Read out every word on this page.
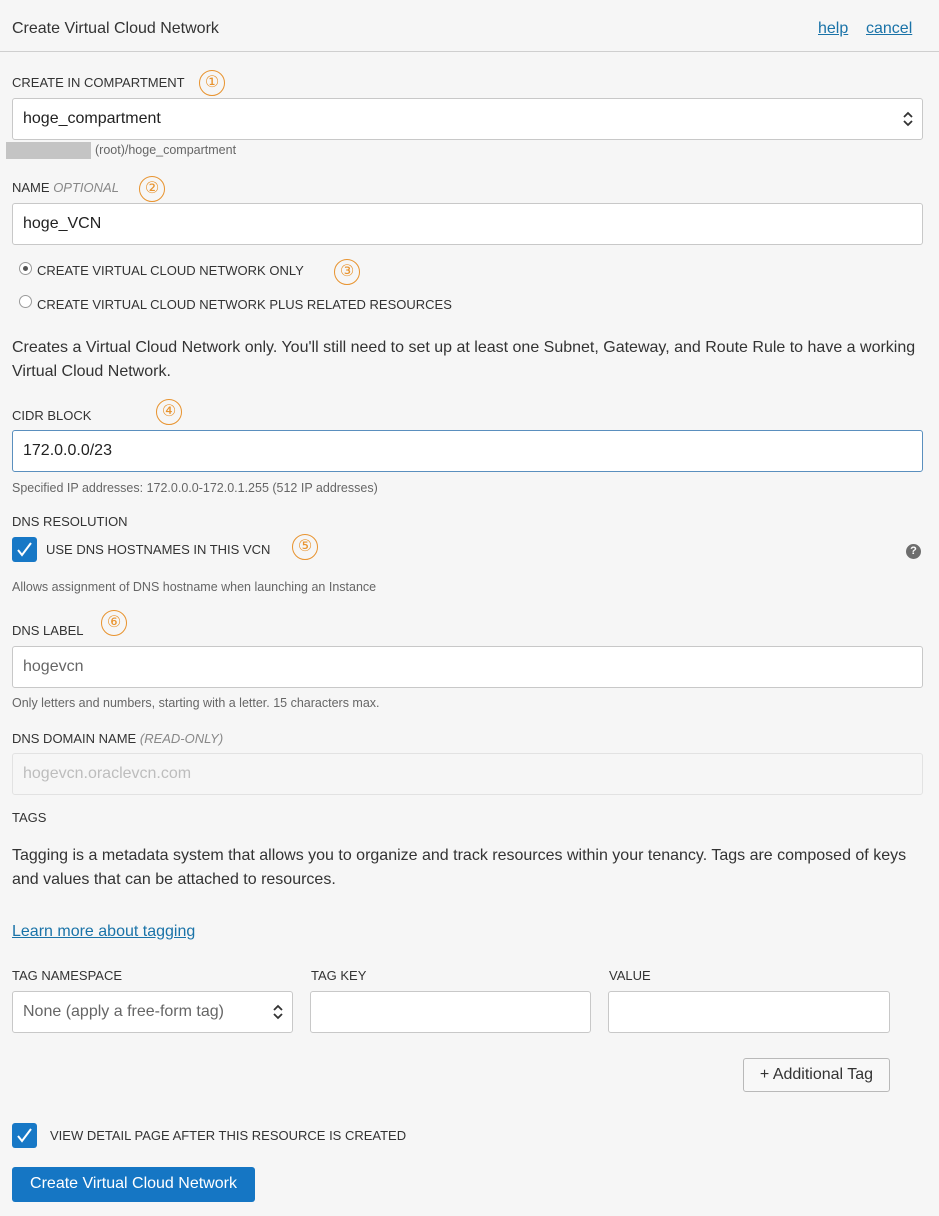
Create Virtual Cloud Network	help cancel
CREATE IN COMPARTMENT	①
hoge_compartment
(root)/hoge_compartment
NAME OPTIONAL	②
hoge_VCN
CREATE VIRTUAL CLOUD NETWORK ONLY	③
CREATE VIRTUAL CLOUD NETWORK PLUS RELATED RESOURCES
Creates a Virtual Cloud Network only. You'll still need to set up at least one Subnet, Gateway, and Route Rule to have a working Virtual Cloud Network.
CIDR BLOCK	④
172.0.0.0/23
Specified IP addresses: 172.0.0.0-172.0.1.255 (512 IP addresses)
DNS RESOLUTION
USE DNS HOSTNAMES IN THIS VCN	⑤	?
Allows assignment of DNS hostname when launching an Instance
DNS LABEL	⑥
hogevcn
Only letters and numbers, starting with a letter. 15 characters max.
DNS DOMAIN NAME (READ-ONLY)
hogevcn.oraclevcn.com
TAGS
Tagging is a metadata system that allows you to organize and track resources within your tenancy. Tags are composed of keys and values that can be attached to resources.
Learn more about tagging
TAG NAMESPACE	TAG KEY	VALUE
None (apply a free-form tag)
+ Additional Tag
VIEW DETAIL PAGE AFTER THIS RESOURCE IS CREATED
Create Virtual Cloud Network
